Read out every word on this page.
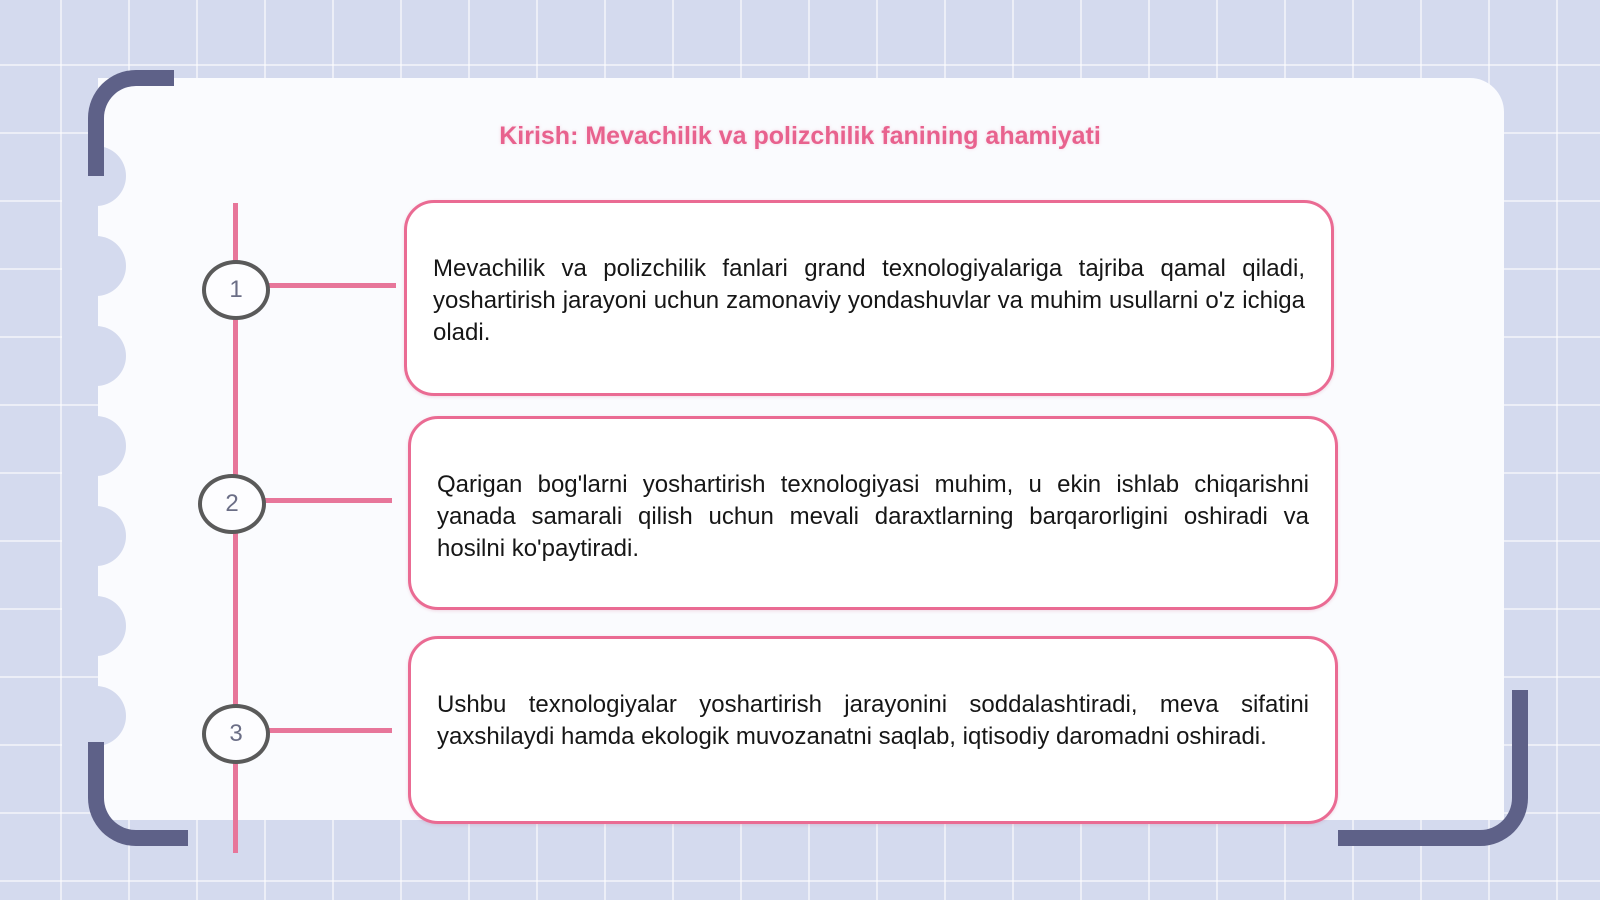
Kirish: Mevachilik va polizchilik fanining ahamiyati
1
2
3

Mevachilik va polizchilik fanlari grand texnologiyalariga tajriba qamal qiladi, yoshartirish jarayoni uchun zamonaviy yondashuvlar va muhim usullarni o'z ichiga oladi.

Qarigan bog'larni yoshartirish texnologiyasi muhim, u ekin ishlab chiqarishni yanada samarali qilish uchun mevali daraxtlarning barqarorligini oshiradi va hosilni ko'paytiradi.

Ushbu texnologiyalar yoshartirish jarayonini soddalashtiradi, meva sifatini yaxshilaydi hamda ekologik muvozanatni saqlab, iqtisodiy daromadni oshiradi.
